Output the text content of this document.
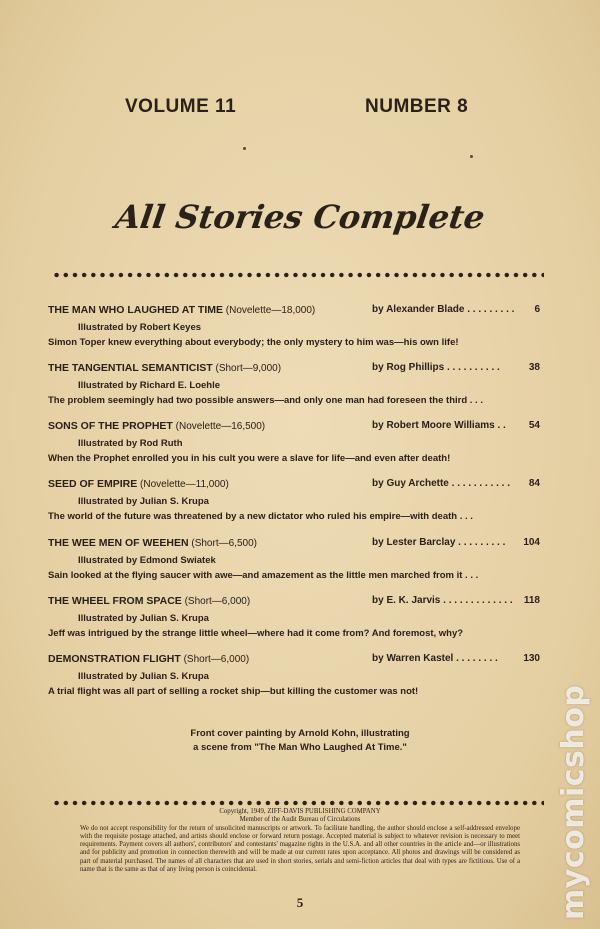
VOLUME 11	NUMBER 8
All Stories Complete
THE MAN WHO LAUGHED AT TIME (Novelette—18,000)	by Alexander Blade . . . . . . . . . 6
Illustrated by Robert Keyes
Simon Toper knew everything about everybody; the only mystery to him was—his own life!
THE TANGENTIAL SEMANTICIST (Short—9,000)	by Rog Phillips . . . . . . . . . .	38
Illustrated by Richard E. Loehle
The problem seemingly had two possible answers—and only one man had foreseen the third . . .
SONS OF THE PROPHET (Novelette—16,500)	by Robert Moore Williams . . 54
Illustrated by Rod Ruth
When the Prophet enrolled you in his cult you were a slave for life—and even after death!
SEED OF EMPIRE (Novelette—11,000)	by Guy Archette . . . . . . . . . . . 84
Illustrated by Julian S. Krupa
The world of the future was threatened by a new dictator who ruled his empire—with death . . .
THE WEE MEN OF WEEHEN (Short—6,500)	by Lester Barclay . . . . . . . . . 104
Illustrated by Edmond Swiatek
Sain looked at the flying saucer with awe—and amazement as the little men marched from it . . .
THE WHEEL FROM SPACE (Short—6,000)	by E. K. Jarvis . . . . . . . . . . . . . 118
Illustrated by Julian S. Krupa
Jeff was intrigued by the strange little wheel—where had it come from? And foremost, why?
DEMONSTRATION FLIGHT (Short—6,000)	by Warren Kastel . . . . . . . .	130
Illustrated by Julian S. Krupa
A trial flight was all part of selling a rocket ship—but killing the customer was not!
Front cover painting by Arnold Kohn, illustrating
a scene from "The Man Who Laughed At Time."
Copyright, 1949, ZIFF-DAVIS PUBLISHING COMPANY
Member of the Audit Bureau of Circulations
We do not accept responsibility for the return of unsolicited manuscripts or artwork. To facilitate handling, the author should enclose a self-addressed envelope with the requisite postage attached, and artists should enclose or forward return postage. Accepted material is subject to whatever revision is necessary to meet requirements. Payment covers all authors', contributors' and contestants' magazine rights in the U.S.A. and all other countries in the article and—or illustrations and for publicity and promotion in connection therewith and will be made at our current rates upon acceptance. All photos and drawings will be considered as part of material purchased. The names of all characters that are used in short stories, serials and semi-fiction articles that deal with types are fictitious. Use of a name that is the same as that of any living person is coincidental.
5	mycomicshop
